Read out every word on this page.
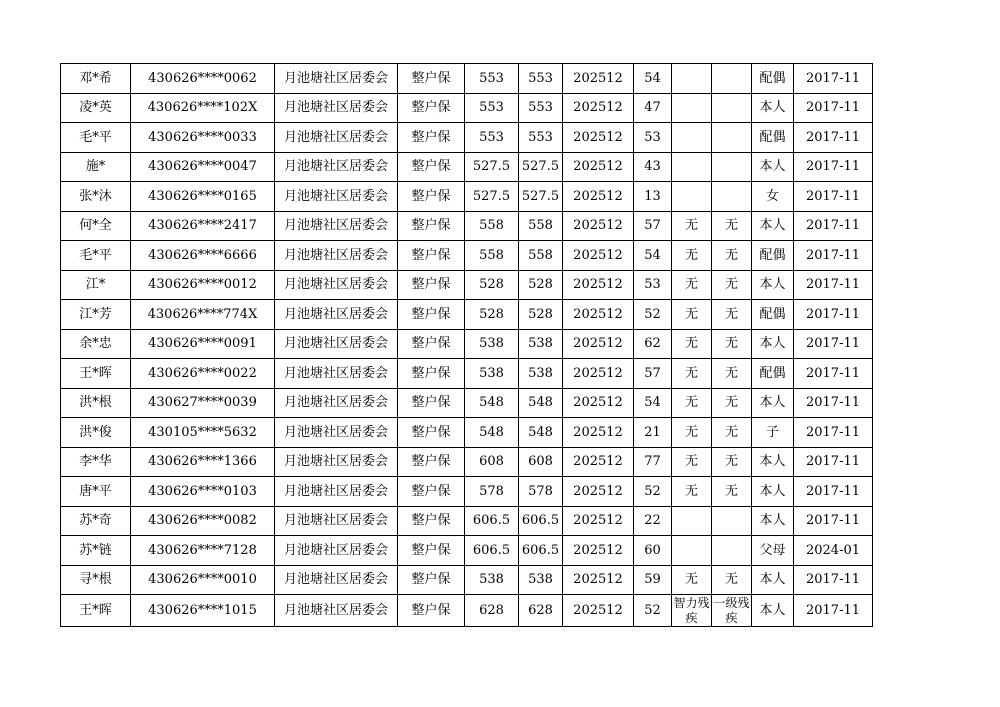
邓*希	430626****0062	月池塘社区居委会	整户保	553	553	202512	54			配偶	2017-11
凌*英	430626****102X	月池塘社区居委会	整户保	553	553	202512	47			本人	2017-11
毛*平	430626****0033	月池塘社区居委会	整户保	553	553	202512	53			配偶	2017-11
施*	430626****0047	月池塘社区居委会	整户保	527.5	527.5	202512	43			本人	2017-11
张*沐	430626****0165	月池塘社区居委会	整户保	527.5	527.5	202512	13			女	2017-11
何*全	430626****2417	月池塘社区居委会	整户保	558	558	202512	57	无	无	本人	2017-11
毛*平	430626****6666	月池塘社区居委会	整户保	558	558	202512	54	无	无	配偶	2017-11
江*	430626****0012	月池塘社区居委会	整户保	528	528	202512	53	无	无	本人	2017-11
江*芳	430626****774X	月池塘社区居委会	整户保	528	528	202512	52	无	无	配偶	2017-11
余*忠	430626****0091	月池塘社区居委会	整户保	538	538	202512	62	无	无	本人	2017-11
王*晖	430626****0022	月池塘社区居委会	整户保	538	538	202512	57	无	无	配偶	2017-11
洪*根	430627****0039	月池塘社区居委会	整户保	548	548	202512	54	无	无	本人	2017-11
洪*俊	430105****5632	月池塘社区居委会	整户保	548	548	202512	21	无	无	子	2017-11
李*华	430626****1366	月池塘社区居委会	整户保	608	608	202512	77	无	无	本人	2017-11
唐*平	430626****0103	月池塘社区居委会	整户保	578	578	202512	52	无	无	本人	2017-11
苏*奇	430626****0082	月池塘社区居委会	整户保	606.5	606.5	202512	22			本人	2017-11
苏*链	430626****7128	月池塘社区居委会	整户保	606.5	606.5	202512	60			父母	2024-01
寻*根	430626****0010	月池塘社区居委会	整户保	538	538	202512	59	无	无	本人	2017-11
王*晖	430626****1015	月池塘社区居委会	整户保	628	628	202512	52	智力残疾	一级残疾	本人	2017-11
